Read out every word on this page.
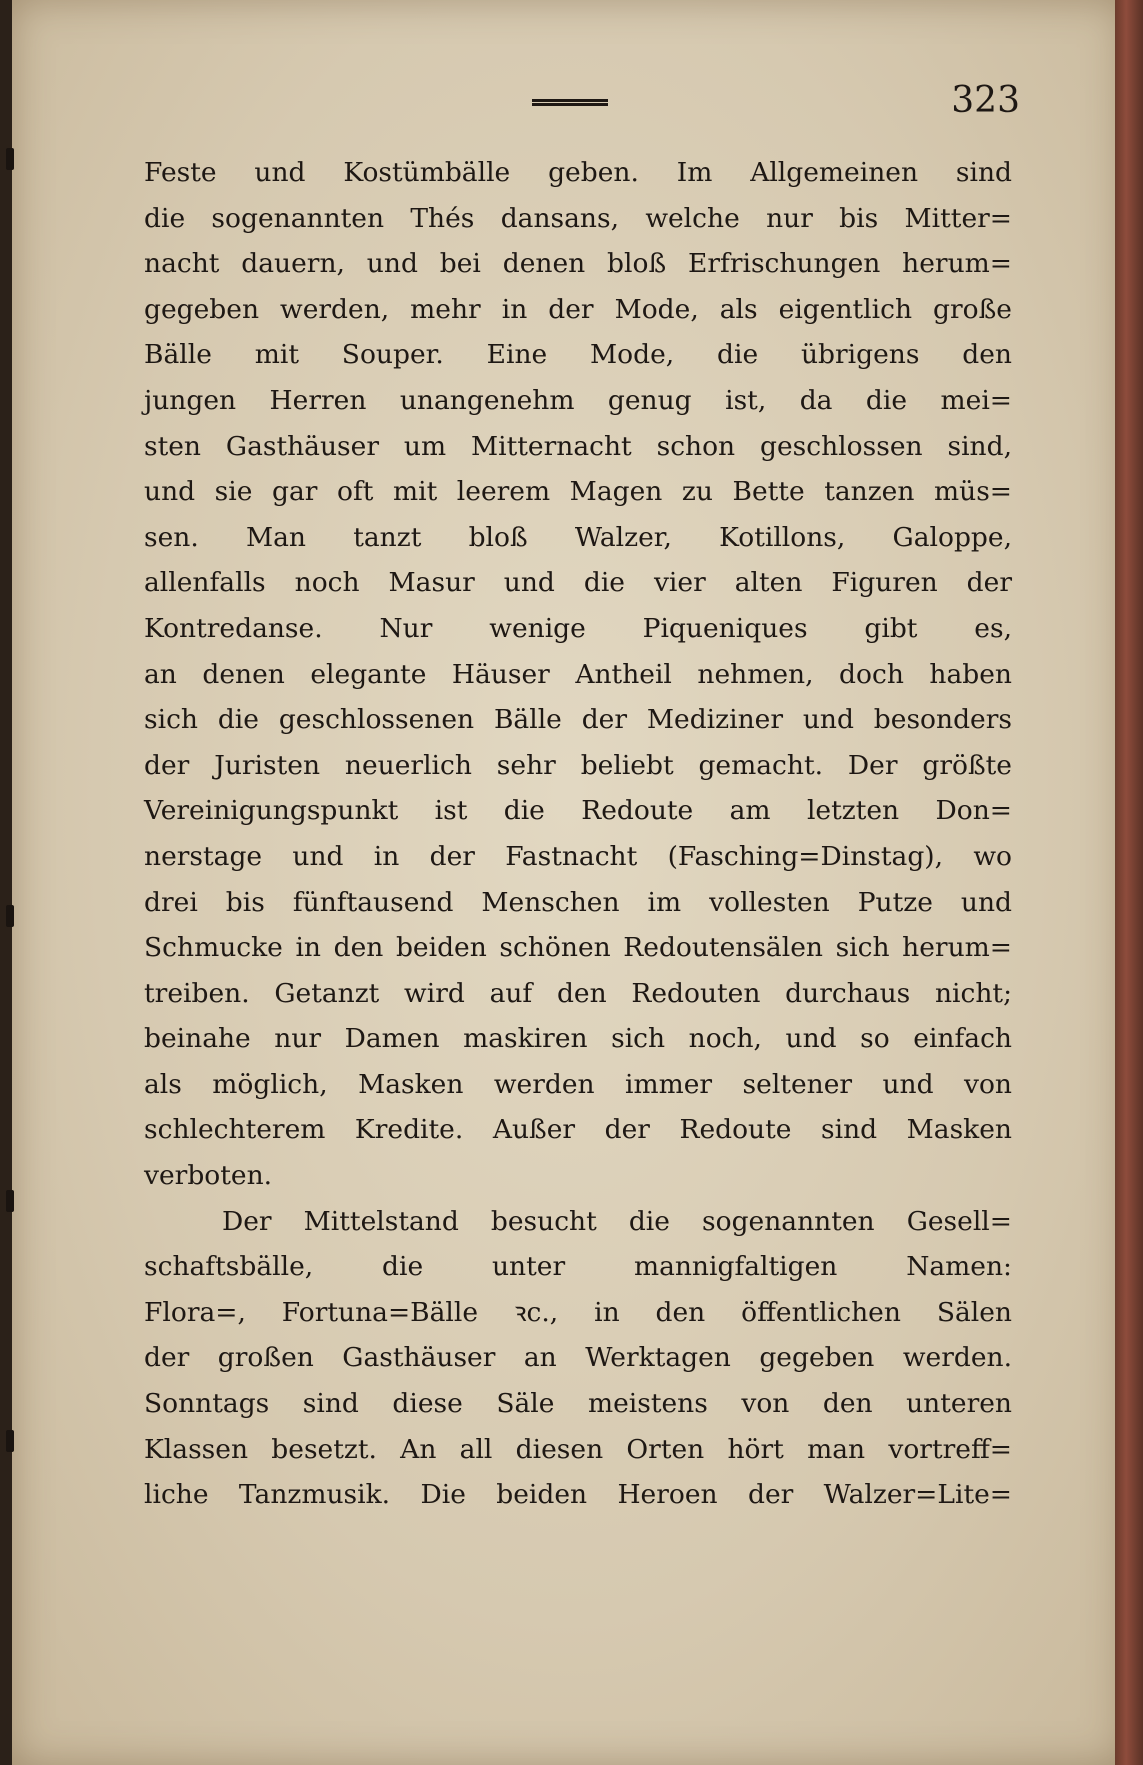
323
Feste und Kostümbälle geben. Im Allgemeinen sind
die sogenannten Thés dansans, welche nur bis Mitter=
nacht dauern, und bei denen bloß Erfrischungen herum=
gegeben werden, mehr in der Mode, als eigentlich große
Bälle mit Souper. Eine Mode, die übrigens den
jungen Herren unangenehm genug ist, da die mei=
sten Gasthäuser um Mitternacht schon geschlossen sind,
und sie gar oft mit leerem Magen zu Bette tanzen müs=
sen. Man tanzt bloß Walzer, Kotillons, Galoppe,
allenfalls noch Masur und die vier alten Figuren der
Kontredanse. Nur wenige Piqueniques gibt es,
an denen elegante Häuser Antheil nehmen, doch haben
sich die geschlossenen Bälle der Mediziner und besonders
der Juristen neuerlich sehr beliebt gemacht. Der größte
Vereinigungspunkt ist die Redoute am letzten Don=
nerstage und in der Fastnacht (Fasching=Dinstag), wo
drei bis fünftausend Menschen im vollesten Putze und
Schmucke in den beiden schönen Redoutensälen sich herum=
treiben. Getanzt wird auf den Redouten durchaus nicht;
beinahe nur Damen maskiren sich noch, und so einfach
als möglich, Masken werden immer seltener und von
schlechterem Kredite. Außer der Redoute sind Masken
verboten.
Der Mittelstand besucht die sogenannten Gesell=
schaftsbälle, die unter mannigfaltigen Namen:
Flora=, Fortuna=Bälle ꝛc., in den öffentlichen Sälen
der großen Gasthäuser an Werktagen gegeben werden.
Sonntags sind diese Säle meistens von den unteren
Klassen besetzt. An all diesen Orten hört man vortreff=
liche Tanzmusik. Die beiden Heroen der Walzer=Lite=
